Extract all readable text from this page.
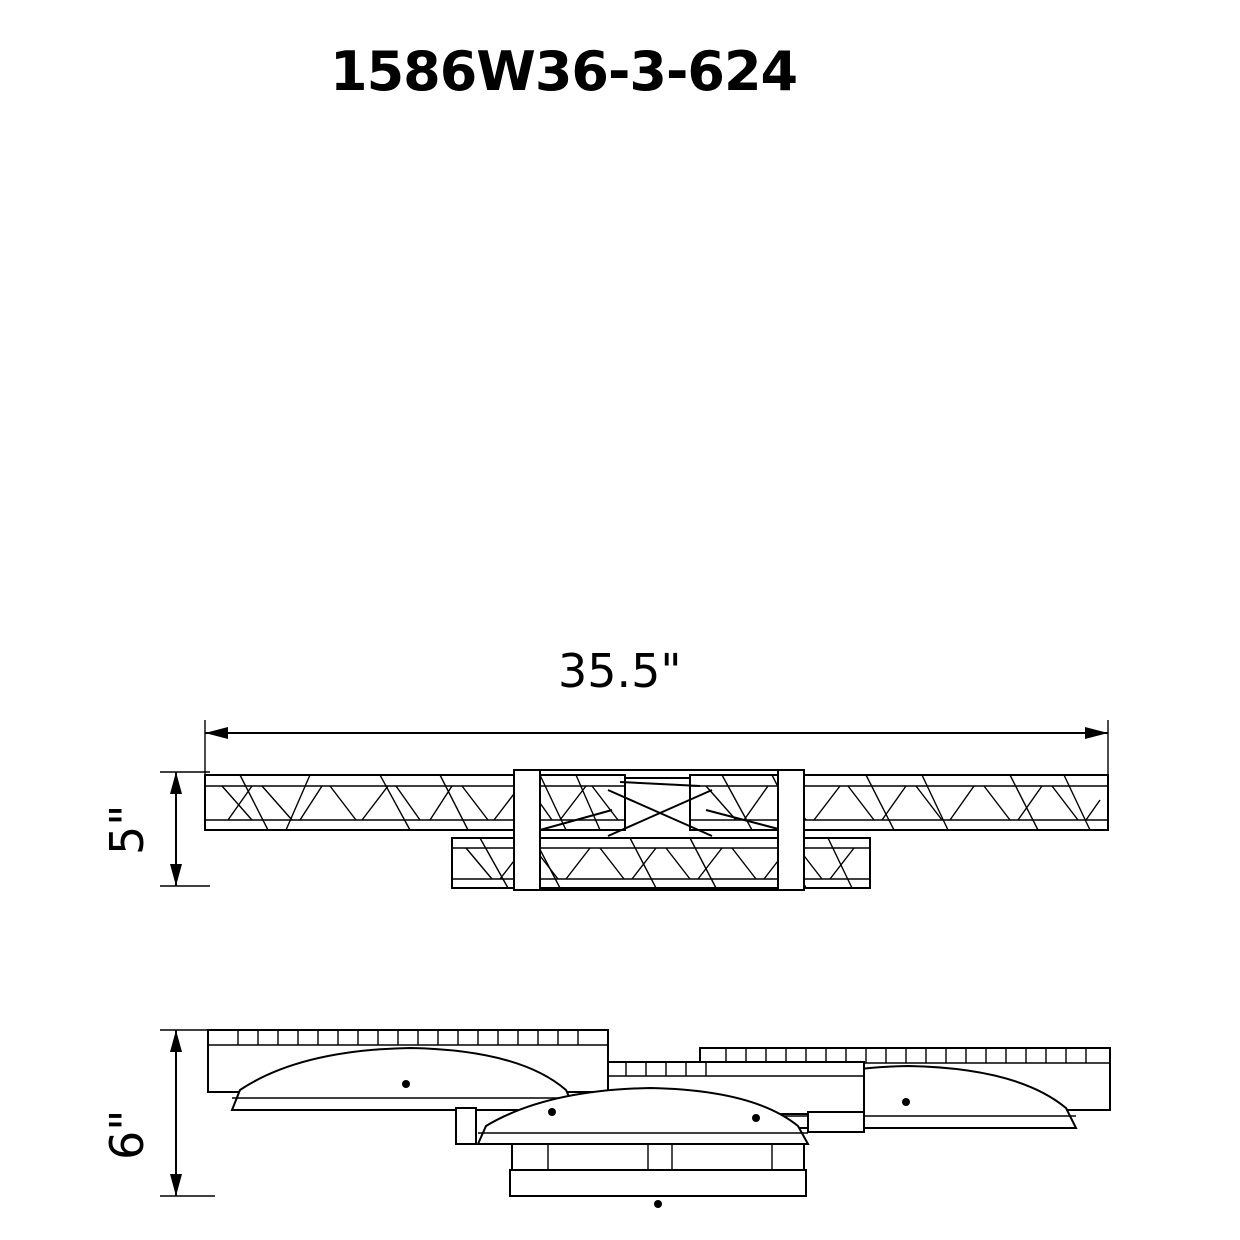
1586W36-3-624
35.5"
5"
6"
